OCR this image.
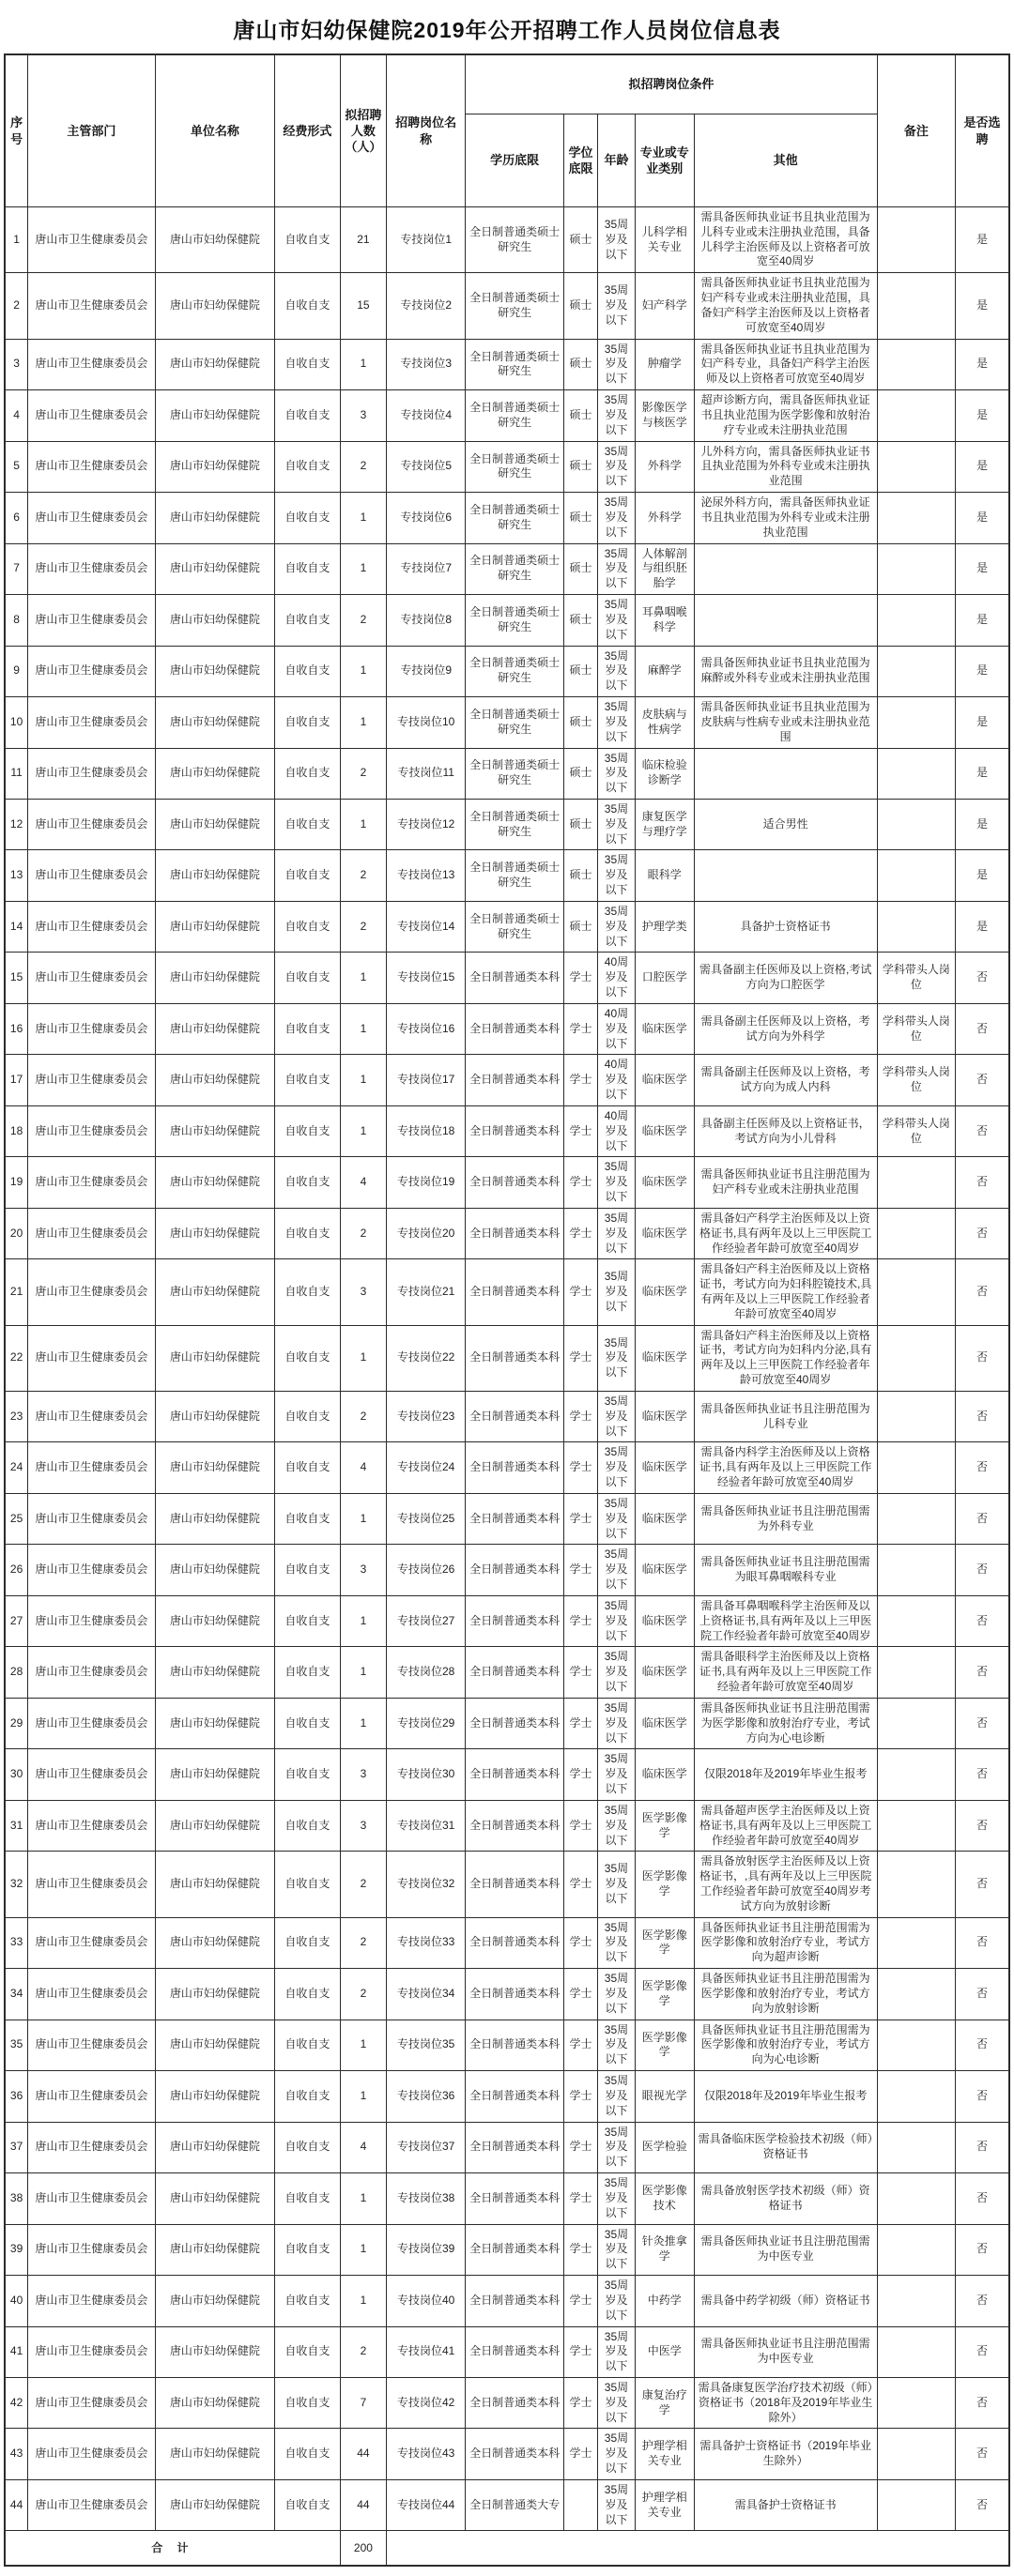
唐山市妇幼保健院2019年公开招聘工作人员岗位信息表
序号	主管部门	单位名称	经费形式	拟招聘人数（人）	招聘岗位名称	拟招聘岗位条件					备注	是否选聘
						学历底限	学位底限	年龄	专业或专业类别	其他		
1	唐山市卫生健康委员会	唐山市妇幼保健院	自收自支	21	专技岗位1	全日制普通类硕士研究生	硕士	35周岁及以下	儿科学相关专业	需具备医师执业证书且执业范围为儿科专业或未注册执业范围，具备儿科学主治医师及以上资格者可放宽至40周岁		是
2	唐山市卫生健康委员会	唐山市妇幼保健院	自收自支	15	专技岗位2	全日制普通类硕士研究生	硕士	35周岁及以下	妇产科学	需具备医师执业证书且执业范围为妇产科专业或未注册执业范围，具备妇产科学主治医师及以上资格者可放宽至40周岁		是
3	唐山市卫生健康委员会	唐山市妇幼保健院	自收自支	1	专技岗位3	全日制普通类硕士研究生	硕士	35周岁及以下	肿瘤学	需具备医师执业证书且执业范围为妇产科专业，具备妇产科学主治医师及以上资格者可放宽至40周岁		是
4	唐山市卫生健康委员会	唐山市妇幼保健院	自收自支	3	专技岗位4	全日制普通类硕士研究生	硕士	35周岁及以下	影像医学与核医学	超声诊断方向，需具备医师执业证书且执业范围为医学影像和放射治疗专业或未注册执业范围		是
5	唐山市卫生健康委员会	唐山市妇幼保健院	自收自支	2	专技岗位5	全日制普通类硕士研究生	硕士	35周岁及以下	外科学	儿外科方向，需具备医师执业证书且执业范围为外科专业或未注册执业范围		是
6	唐山市卫生健康委员会	唐山市妇幼保健院	自收自支	1	专技岗位6	全日制普通类硕士研究生	硕士	35周岁及以下	外科学	泌尿外科方向，需具备医师执业证书且执业范围为外科专业或未注册执业范围		是
7	唐山市卫生健康委员会	唐山市妇幼保健院	自收自支	1	专技岗位7	全日制普通类硕士研究生	硕士	35周岁及以下	人体解剖与组织胚胎学			是
8	唐山市卫生健康委员会	唐山市妇幼保健院	自收自支	2	专技岗位8	全日制普通类硕士研究生	硕士	35周岁及以下	耳鼻咽喉科学			是
9	唐山市卫生健康委员会	唐山市妇幼保健院	自收自支	1	专技岗位9	全日制普通类硕士研究生	硕士	35周岁及以下	麻醉学	需具备医师执业证书且执业范围为麻醉或外科专业或未注册执业范围		是
10	唐山市卫生健康委员会	唐山市妇幼保健院	自收自支	1	专技岗位10	全日制普通类硕士研究生	硕士	35周岁及以下	皮肤病与性病学	需具备医师执业证书且执业范围为皮肤病与性病专业或未注册执业范围		是
11	唐山市卫生健康委员会	唐山市妇幼保健院	自收自支	2	专技岗位11	全日制普通类硕士研究生	硕士	35周岁及以下	临床检验诊断学			是
12	唐山市卫生健康委员会	唐山市妇幼保健院	自收自支	1	专技岗位12	全日制普通类硕士研究生	硕士	35周岁及以下	康复医学与理疗学	适合男性		是
13	唐山市卫生健康委员会	唐山市妇幼保健院	自收自支	2	专技岗位13	全日制普通类硕士研究生	硕士	35周岁及以下	眼科学			是
14	唐山市卫生健康委员会	唐山市妇幼保健院	自收自支	2	专技岗位14	全日制普通类硕士研究生	硕士	35周岁及以下	护理学类	具备护士资格证书		是
15	唐山市卫生健康委员会	唐山市妇幼保健院	自收自支	1	专技岗位15	全日制普通类本科	学士	40周岁及以下	口腔医学	需具备副主任医师及以上资格,考试方向为口腔医学	学科带头人岗位	否
16	唐山市卫生健康委员会	唐山市妇幼保健院	自收自支	1	专技岗位16	全日制普通类本科	学士	40周岁及以下	临床医学	需具备副主任医师及以上资格，考试方向为外科学	学科带头人岗位	否
17	唐山市卫生健康委员会	唐山市妇幼保健院	自收自支	1	专技岗位17	全日制普通类本科	学士	40周岁及以下	临床医学	需具备副主任医师及以上资格，考试方向为成人内科	学科带头人岗位	否
18	唐山市卫生健康委员会	唐山市妇幼保健院	自收自支	1	专技岗位18	全日制普通类本科	学士	40周岁及以下	临床医学	具备副主任医师及以上资格证书，考试方向为小儿骨科	学科带头人岗位	否
19	唐山市卫生健康委员会	唐山市妇幼保健院	自收自支	4	专技岗位19	全日制普通类本科	学士	35周岁及以下	临床医学	需具备医师执业证书且注册范围为妇产科专业或未注册执业范围		否
20	唐山市卫生健康委员会	唐山市妇幼保健院	自收自支	2	专技岗位20	全日制普通类本科	学士	35周岁及以下	临床医学	需具备妇产科学主治医师及以上资格证书,具有两年及以上三甲医院工作经验者年龄可放宽至40周岁		否
21	唐山市卫生健康委员会	唐山市妇幼保健院	自收自支	3	专技岗位21	全日制普通类本科	学士	35周岁及以下	临床医学	需具备妇产科主治医师及以上资格证书，考试方向为妇科腔镜技术,具有两年及以上三甲医院工作经验者年龄可放宽至40周岁		否
22	唐山市卫生健康委员会	唐山市妇幼保健院	自收自支	1	专技岗位22	全日制普通类本科	学士	35周岁及以下	临床医学	需具备妇产科主治医师及以上资格证书，考试方向为妇科内分泌,具有两年及以上三甲医院工作经验者年龄可放宽至40周岁		否
23	唐山市卫生健康委员会	唐山市妇幼保健院	自收自支	2	专技岗位23	全日制普通类本科	学士	35周岁及以下	临床医学	需具备医师执业证书且注册范围为儿科专业		否
24	唐山市卫生健康委员会	唐山市妇幼保健院	自收自支	4	专技岗位24	全日制普通类本科	学士	35周岁及以下	临床医学	需具备内科学主治医师及以上资格证书,具有两年及以上三甲医院工作经验者年龄可放宽至40周岁		否
25	唐山市卫生健康委员会	唐山市妇幼保健院	自收自支	1	专技岗位25	全日制普通类本科	学士	35周岁及以下	临床医学	需具备医师执业证书且注册范围需为外科专业		否
26	唐山市卫生健康委员会	唐山市妇幼保健院	自收自支	3	专技岗位26	全日制普通类本科	学士	35周岁及以下	临床医学	需具备医师执业证书且注册范围需为眼耳鼻咽喉科专业		否
27	唐山市卫生健康委员会	唐山市妇幼保健院	自收自支	1	专技岗位27	全日制普通类本科	学士	35周岁及以下	临床医学	需具备耳鼻咽喉科学主治医师及以上资格证书,具有两年及以上三甲医院工作经验者年龄可放宽至40周岁		否
28	唐山市卫生健康委员会	唐山市妇幼保健院	自收自支	1	专技岗位28	全日制普通类本科	学士	35周岁及以下	临床医学	需具备眼科学主治医师及以上资格证书,具有两年及以上三甲医院工作经验者年龄可放宽至40周岁		否
29	唐山市卫生健康委员会	唐山市妇幼保健院	自收自支	1	专技岗位29	全日制普通类本科	学士	35周岁及以下	临床医学	需具备医师执业证书且注册范围需为医学影像和放射治疗专业，考试方向为心电诊断		否
30	唐山市卫生健康委员会	唐山市妇幼保健院	自收自支	3	专技岗位30	全日制普通类本科	学士	35周岁及以下	临床医学	仅限2018年及2019年毕业生报考		否
31	唐山市卫生健康委员会	唐山市妇幼保健院	自收自支	3	专技岗位31	全日制普通类本科	学士	35周岁及以下	医学影像学	需具备超声医学主治医师及以上资格证书,具有两年及以上三甲医院工作经验者年龄可放宽至40周岁		否
32	唐山市卫生健康委员会	唐山市妇幼保健院	自收自支	2	专技岗位32	全日制普通类本科	学士	35周岁及以下	医学影像学	需具备放射医学主治医师及以上资格证书，,具有两年及以上三甲医院工作经验者年龄可放宽至40周岁考试方向为放射诊断		否
33	唐山市卫生健康委员会	唐山市妇幼保健院	自收自支	2	专技岗位33	全日制普通类本科	学士	35周岁及以下	医学影像学	具备医师执业证书且注册范围需为医学影像和放射治疗专业，考试方向为超声诊断		否
34	唐山市卫生健康委员会	唐山市妇幼保健院	自收自支	2	专技岗位34	全日制普通类本科	学士	35周岁及以下	医学影像学	具备医师执业证书且注册范围需为医学影像和放射治疗专业，考试方向为放射诊断		否
35	唐山市卫生健康委员会	唐山市妇幼保健院	自收自支	1	专技岗位35	全日制普通类本科	学士	35周岁及以下	医学影像学	具备医师执业证书且注册范围需为医学影像和放射治疗专业，考试方向为心电诊断		否
36	唐山市卫生健康委员会	唐山市妇幼保健院	自收自支	1	专技岗位36	全日制普通类本科	学士	35周岁及以下	眼视光学	仅限2018年及2019年毕业生报考		否
37	唐山市卫生健康委员会	唐山市妇幼保健院	自收自支	4	专技岗位37	全日制普通类本科	学士	35周岁及以下	医学检验	需具备临床医学检验技术初级（师）资格证书		否
38	唐山市卫生健康委员会	唐山市妇幼保健院	自收自支	1	专技岗位38	全日制普通类本科	学士	35周岁及以下	医学影像技术	需具备放射医学技术初级（师）资格证书		否
39	唐山市卫生健康委员会	唐山市妇幼保健院	自收自支	1	专技岗位39	全日制普通类本科	学士	35周岁及以下	针灸推拿学	需具备医师执业证书且注册范围需为中医专业		否
40	唐山市卫生健康委员会	唐山市妇幼保健院	自收自支	1	专技岗位40	全日制普通类本科	学士	35周岁及以下	中药学	需具备中药学初级（师）资格证书		否
41	唐山市卫生健康委员会	唐山市妇幼保健院	自收自支	2	专技岗位41	全日制普通类本科	学士	35周岁及以下	中医学	需具备医师执业证书且注册范围需为中医专业		否
42	唐山市卫生健康委员会	唐山市妇幼保健院	自收自支	7	专技岗位42	全日制普通类本科	学士	35周岁及以下	康复治疗学	需具备康复医学治疗技术初级（师）资格证书（2018年及2019年毕业生除外）		否
43	唐山市卫生健康委员会	唐山市妇幼保健院	自收自支	44	专技岗位43	全日制普通类本科	学士	35周岁及以下	护理学相关专业	需具备护士资格证书（2019年毕业生除外）		否
44	唐山市卫生健康委员会	唐山市妇幼保健院	自收自支	44	专技岗位44	全日制普通类大专		35周岁及以下	护理学相关专业	需具备护士资格证书		否
合 计				200								
